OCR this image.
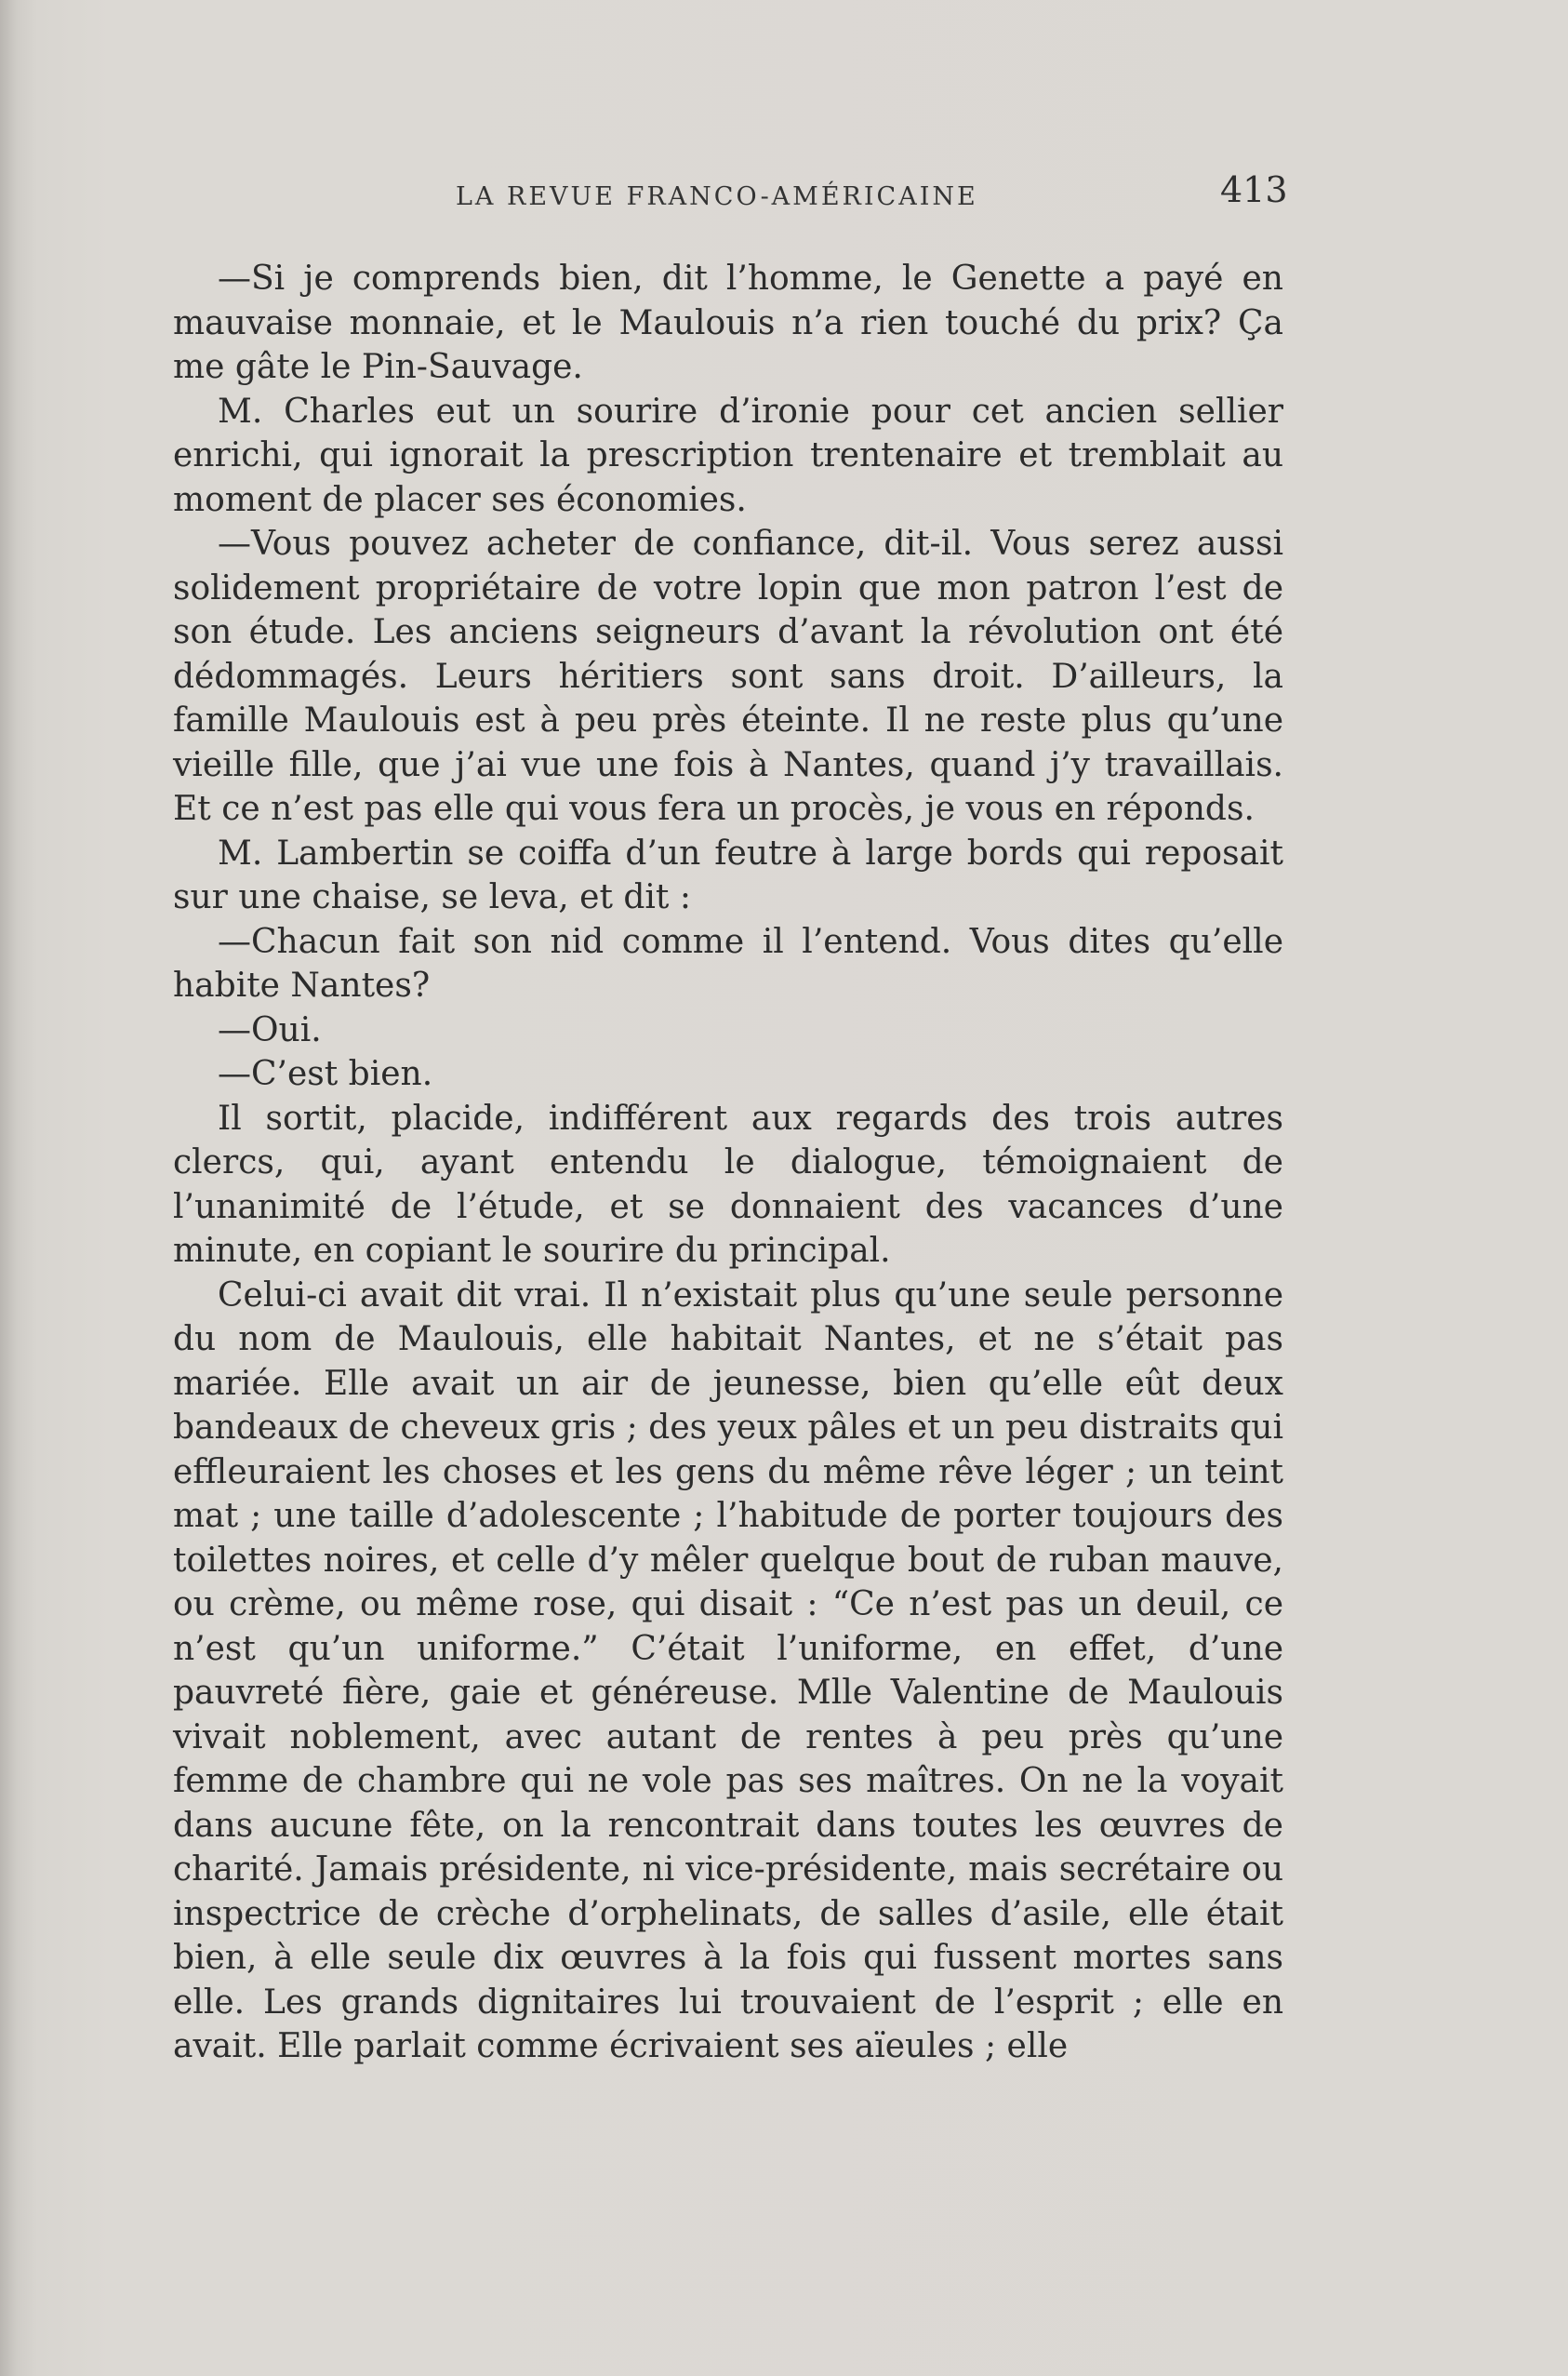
LA REVUE FRANCO-AMÉRICAINE	413

—Si je comprends bien, dit l’homme, le Genette a payé en mauvaise monnaie, et le Maulouis n’a rien touché du prix? Ça me gâte le Pin-Sauvage.

M. Charles eut un sourire d’ironie pour cet ancien sellier enrichi, qui ignorait la prescription trentenaire et tremblait au moment de placer ses économies.

—Vous pouvez acheter de confiance, dit-il. Vous serez aussi solidement propriétaire de votre lopin que mon patron l’est de son étude. Les anciens seigneurs d’avant la révolution ont été dédommagés. Leurs héritiers sont sans droit. D’ailleurs, la famille Maulouis est à peu près éteinte. Il ne reste plus qu’une vieille fille, que j’ai vue une fois à Nantes, quand j’y travaillais. Et ce n’est pas elle qui vous fera un procès, je vous en réponds.

M. Lambertin se coiffa d’un feutre à large bords qui reposait sur une chaise, se leva, et dit :

—Chacun fait son nid comme il l’entend. Vous dites qu’elle habite Nantes?

—Oui.

—C’est bien.

Il sortit, placide, indifférent aux regards des trois autres clercs, qui, ayant entendu le dialogue, témoignaient de l’unanimité de l’étude, et se donnaient des vacances d’une minute, en copiant le sourire du principal.

Celui-ci avait dit vrai. Il n’existait plus qu’une seule personne du nom de Maulouis, elle habitait Nantes, et ne s’était pas mariée. Elle avait un air de jeunesse, bien qu’elle eût deux bandeaux de cheveux gris ; des yeux pâles et un peu distraits qui effleuraient les choses et les gens du même rêve léger ; un teint mat ; une taille d’adolescente ; l’habitude de porter toujours des toilettes noires, et celle d’y mêler quelque bout de ruban mauve, ou crème, ou même rose, qui disait : “Ce n’est pas un deuil, ce n’est qu’un uniforme.” C’était l’uniforme, en effet, d’une pauvreté fière, gaie et généreuse. Mlle Valentine de Maulouis vivait noblement, avec autant de rentes à peu près qu’une femme de chambre qui ne vole pas ses maîtres. On ne la voyait dans aucune fête, on la rencontrait dans toutes les œuvres de charité. Jamais présidente, ni vice-présidente, mais secrétaire ou inspectrice de crèche d’orphelinats, de salles d’asile, elle était bien, à elle seule dix œuvres à la fois qui fussent mortes sans elle. Les grands dignitaires lui trouvaient de l’esprit ; elle en avait. Elle parlait comme écrivaient ses aïeules ; elle
